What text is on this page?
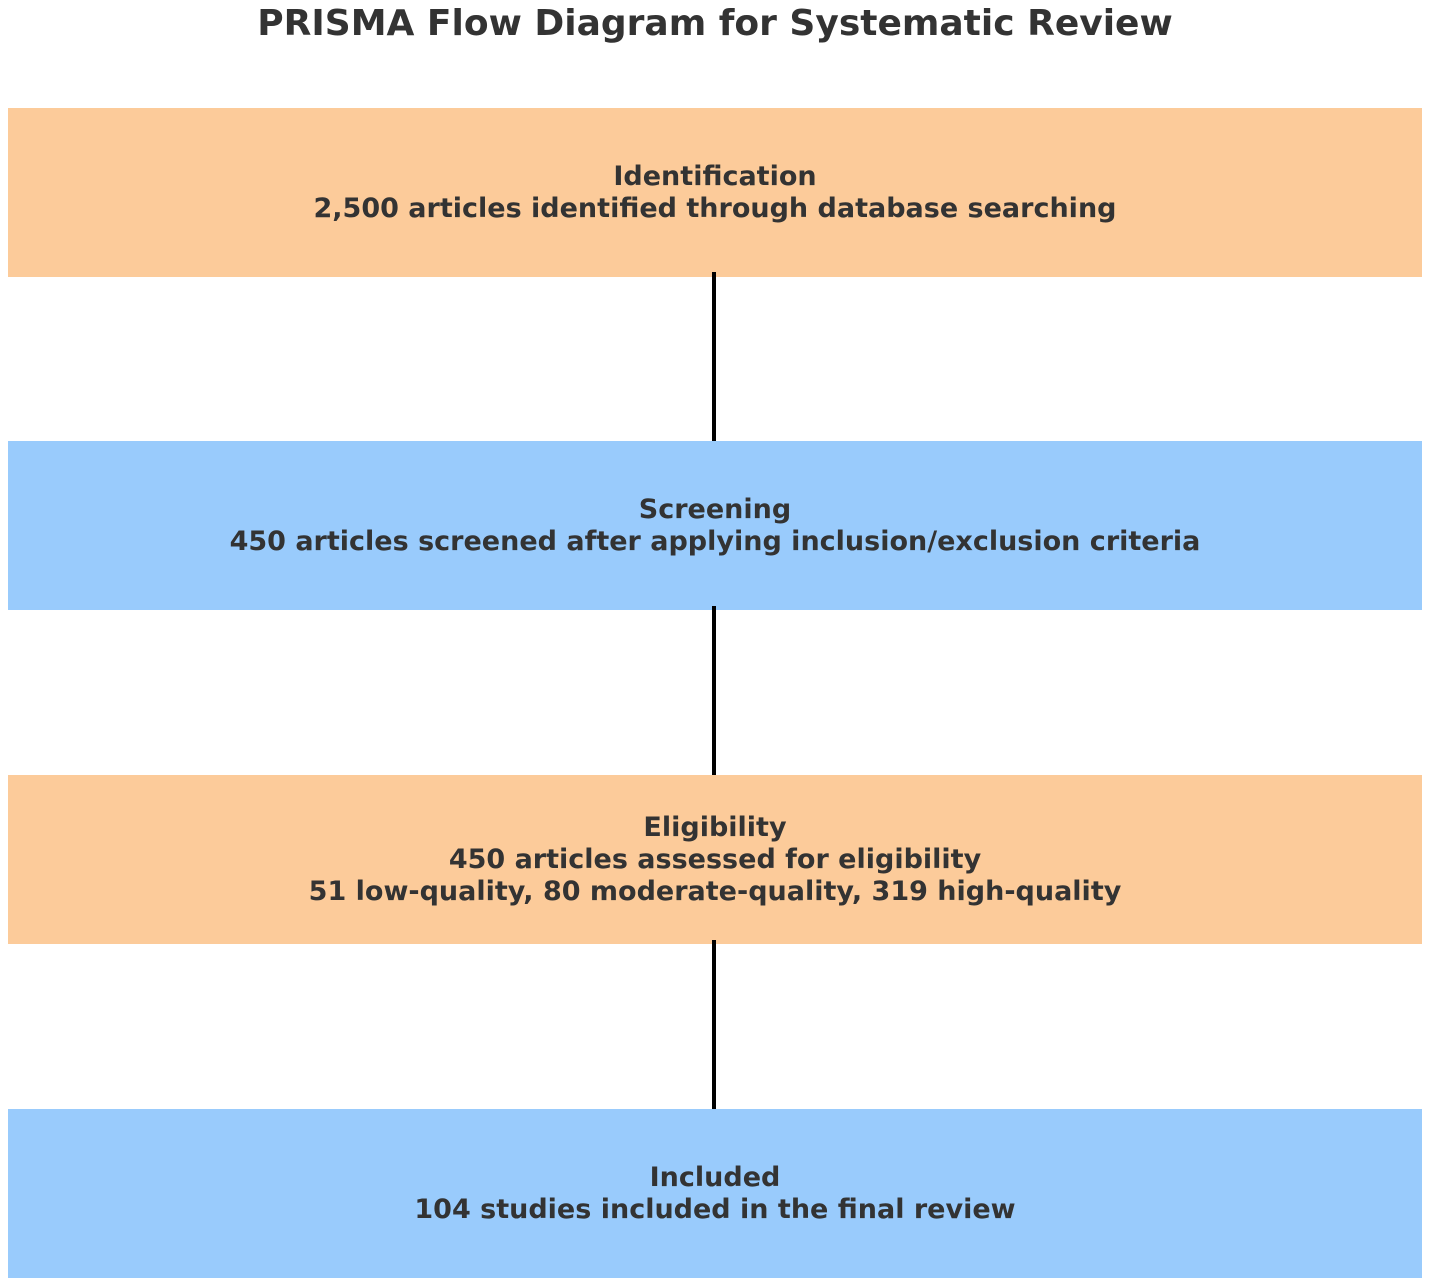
PRISMA Flow Diagram for Systematic Review
Identification
2,500 articles identified through database searching
Screening
450 articles screened after applying inclusion/exclusion criteria
Eligibility
450 articles assessed for eligibility
51 low-quality, 80 moderate-quality, 319 high-quality
Included
104 studies included in the final review
